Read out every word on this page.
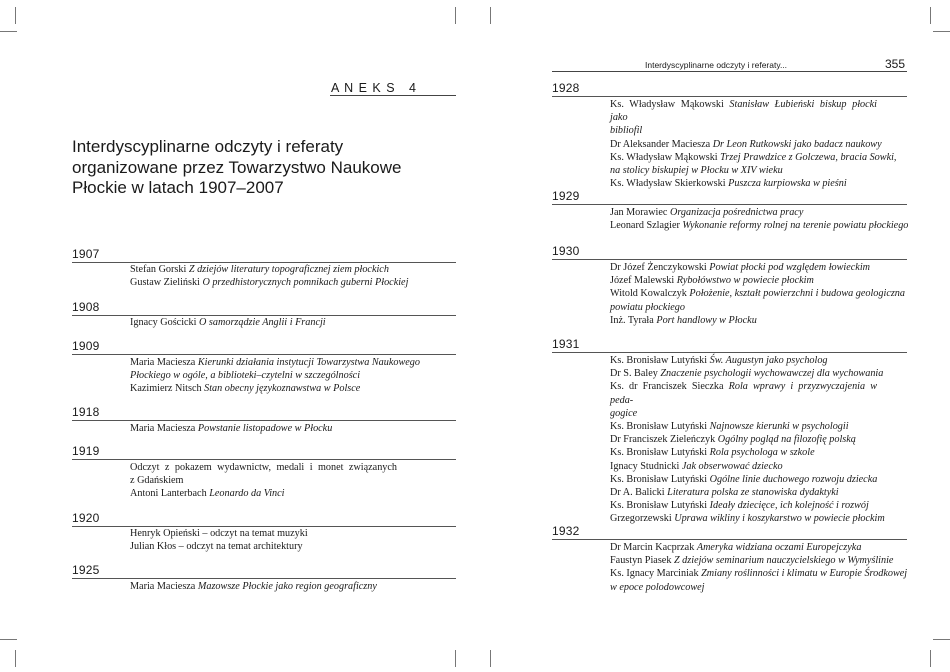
A N E K S   4
Interdyscyplinarne odczyty i referaty
organizowane przez Towarzystwo Naukowe
Płockie w latach 1907–2007
1907
1908
1909
1918
1919
1920
1925
Stefan Gorski Z dziejów literatury topograficznej ziem płockich
Gustaw Zieliński O przedhistorycznych pomnikach guberni Płockiej
Ignacy Gościcki O samorządzie Anglii i Francji
Maria Maciesza Kierunki działania instytucji Towarzystwa Naukowego
Płockiego w ogóle, a biblioteki–czytelni w szczególności
Kazimierz Nitsch Stan obecny językoznawstwa w Polsce
Maria Maciesza Powstanie listopadowe w Płocku
Odczyt z pokazem wydawnictw, medali i monet związanych
z Gdańskiem
Antoni Lanterbach Leonardo da Vinci
Henryk Opieński – odczyt na temat muzyki
Julian Kłos – odczyt na temat architektury
Maria Maciesza Mazowsze Płockie jako region geograficzny
Interdyscyplinarne odczyty i referaty...	355
1928
1929
1930
1931
1932
Ks. Władysław Mąkowski Stanisław Łubieński biskup płocki jako
bibliofil
Dr Aleksander Maciesza Dr Leon Rutkowski jako badacz naukowy
Ks. Władysław Mąkowski Trzej Prawdzice z Golczewa, bracia Sowki,
na stolicy biskupiej w Płocku w XIV wieku
Ks. Władysław Skierkowski Puszcza kurpiowska w pieśni
Jan Morawiec Organizacja pośrednictwa pracy
Leonard Szlagier Wykonanie reformy rolnej na terenie powiatu płockiego
Dr Józef Żenczykowski Powiat płocki pod względem łowieckim
Józef Malewski Rybołówstwo w powiecie płockim
Witold Kowalczyk Położenie, kształt powierzchni i budowa geologiczna
powiatu płockiego
Inż. Tyrała Port handlowy w Płocku
Ks. Bronisław Lutyński Św. Augustyn jako psycholog
Dr S. Baley Znaczenie psychologii wychowawczej dla wychowania
Ks. dr Franciszek Sieczka Rola wprawy i przyzwyczajenia w peda-
gogice
Ks. Bronisław Lutyński Najnowsze kierunki w psychologii
Dr Franciszek Zieleńczyk Ogólny pogląd na filozofię polską
Ks. Bronisław Lutyński Rola psychologa w szkole
Ignacy Studnicki Jak obserwować dziecko
Ks. Bronisław Lutyński Ogólne linie duchowego rozwoju dziecka
Dr A. Balicki Literatura polska ze stanowiska dydaktyki
Ks. Bronisław Lutyński Ideały dziecięce, ich kolejność i rozwój
Grzegorzewski Uprawa wikliny i koszykarstwo w powiecie płockim
Dr Marcin Kacprzak Ameryka widziana oczami Europejczyka
Faustyn Piasek Z dziejów seminarium nauczycielskiego w Wymyślinie
Ks. Ignacy Marciniak Zmiany roślinności i klimatu w Europie Środkowej
w epoce polodowcowej
